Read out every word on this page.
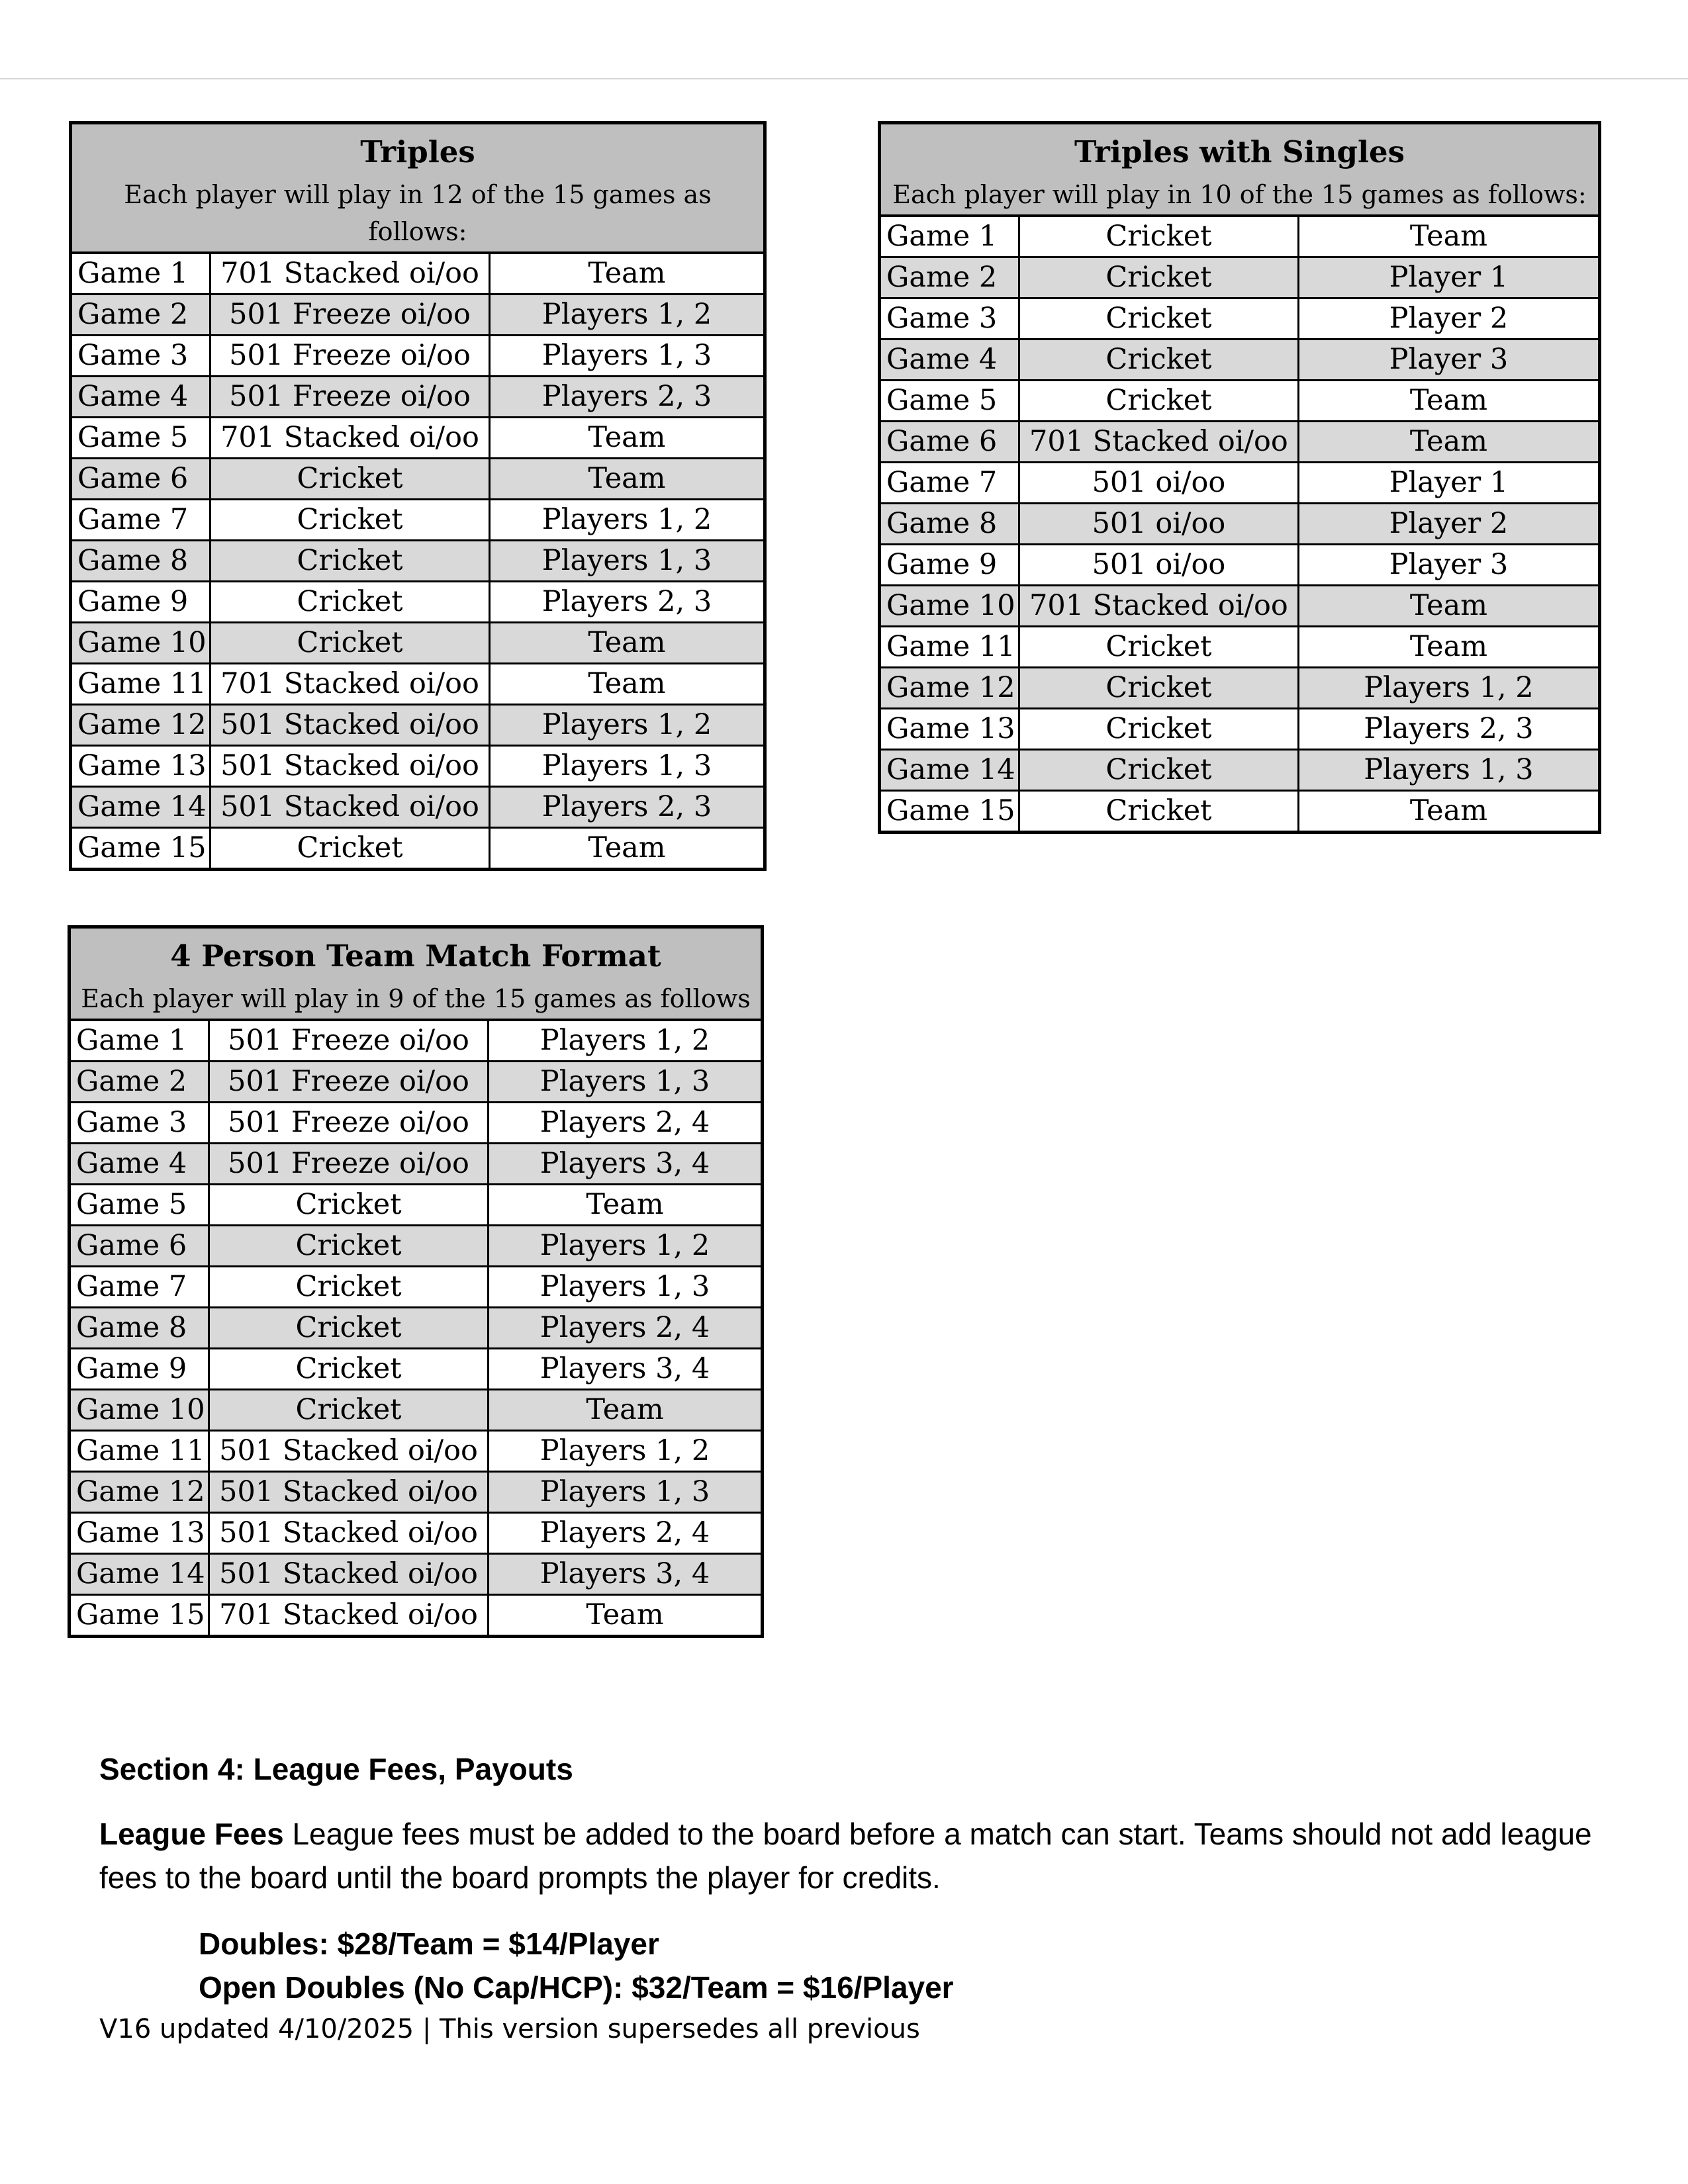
Triples
Each player will play in 12 of the 15 games as follows:		

Game 1	701 Stacked oi/oo	Team
Game 2	501 Freeze oi/oo	Players 1, 2
Game 3	501 Freeze oi/oo	Players 1, 3
Game 4	501 Freeze oi/oo	Players 2, 3
Game 5	701 Stacked oi/oo	Team
Game 6	Cricket	Team
Game 7	Cricket	Players 1, 2
Game 8	Cricket	Players 1, 3
Game 9	Cricket	Players 2, 3
Game 10	Cricket	Team
Game 11	701 Stacked oi/oo	Team
Game 12	501 Stacked oi/oo	Players 1, 2
Game 13	501 Stacked oi/oo	Players 1, 3
Game 14	501 Stacked oi/oo	Players 2, 3
Game 15	Cricket	Team
Triples with Singles
Each player will play in 10 of the 15 games as follows:		

Game 1	Cricket	Team
Game 2	Cricket	Player 1
Game 3	Cricket	Player 2
Game 4	Cricket	Player 3
Game 5	Cricket	Team
Game 6	701 Stacked oi/oo	Team
Game 7	501 oi/oo	Player 1
Game 8	501 oi/oo	Player 2
Game 9	501 oi/oo	Player 3
Game 10	701 Stacked oi/oo	Team
Game 11	Cricket	Team
Game 12	Cricket	Players 1, 2
Game 13	Cricket	Players 2, 3
Game 14	Cricket	Players 1, 3
Game 15	Cricket	Team
4 Person Team Match Format
Each player will play in 9 of the 15 games as follows		

Game 1	501 Freeze oi/oo	Players 1, 2
Game 2	501 Freeze oi/oo	Players 1, 3
Game 3	501 Freeze oi/oo	Players 2, 4
Game 4	501 Freeze oi/oo	Players 3, 4
Game 5	Cricket	Team
Game 6	Cricket	Players 1, 2
Game 7	Cricket	Players 1, 3
Game 8	Cricket	Players 2, 4
Game 9	Cricket	Players 3, 4
Game 10	Cricket	Team
Game 11	501 Stacked oi/oo	Players 1, 2
Game 12	501 Stacked oi/oo	Players 1, 3
Game 13	501 Stacked oi/oo	Players 2, 4
Game 14	501 Stacked oi/oo	Players 3, 4
Game 15	701 Stacked oi/oo	Team
Section 4: League Fees, Payouts
League Fees League fees must be added to the board before a match can start. Teams should not add league fees to the board until the board prompts the player for credits.
Doubles: $28/Team = $14/Player
Open Doubles (No Cap/HCP): $32/Team = $16/Player
V16 updated 4/10/2025 | This version supersedes all previous
